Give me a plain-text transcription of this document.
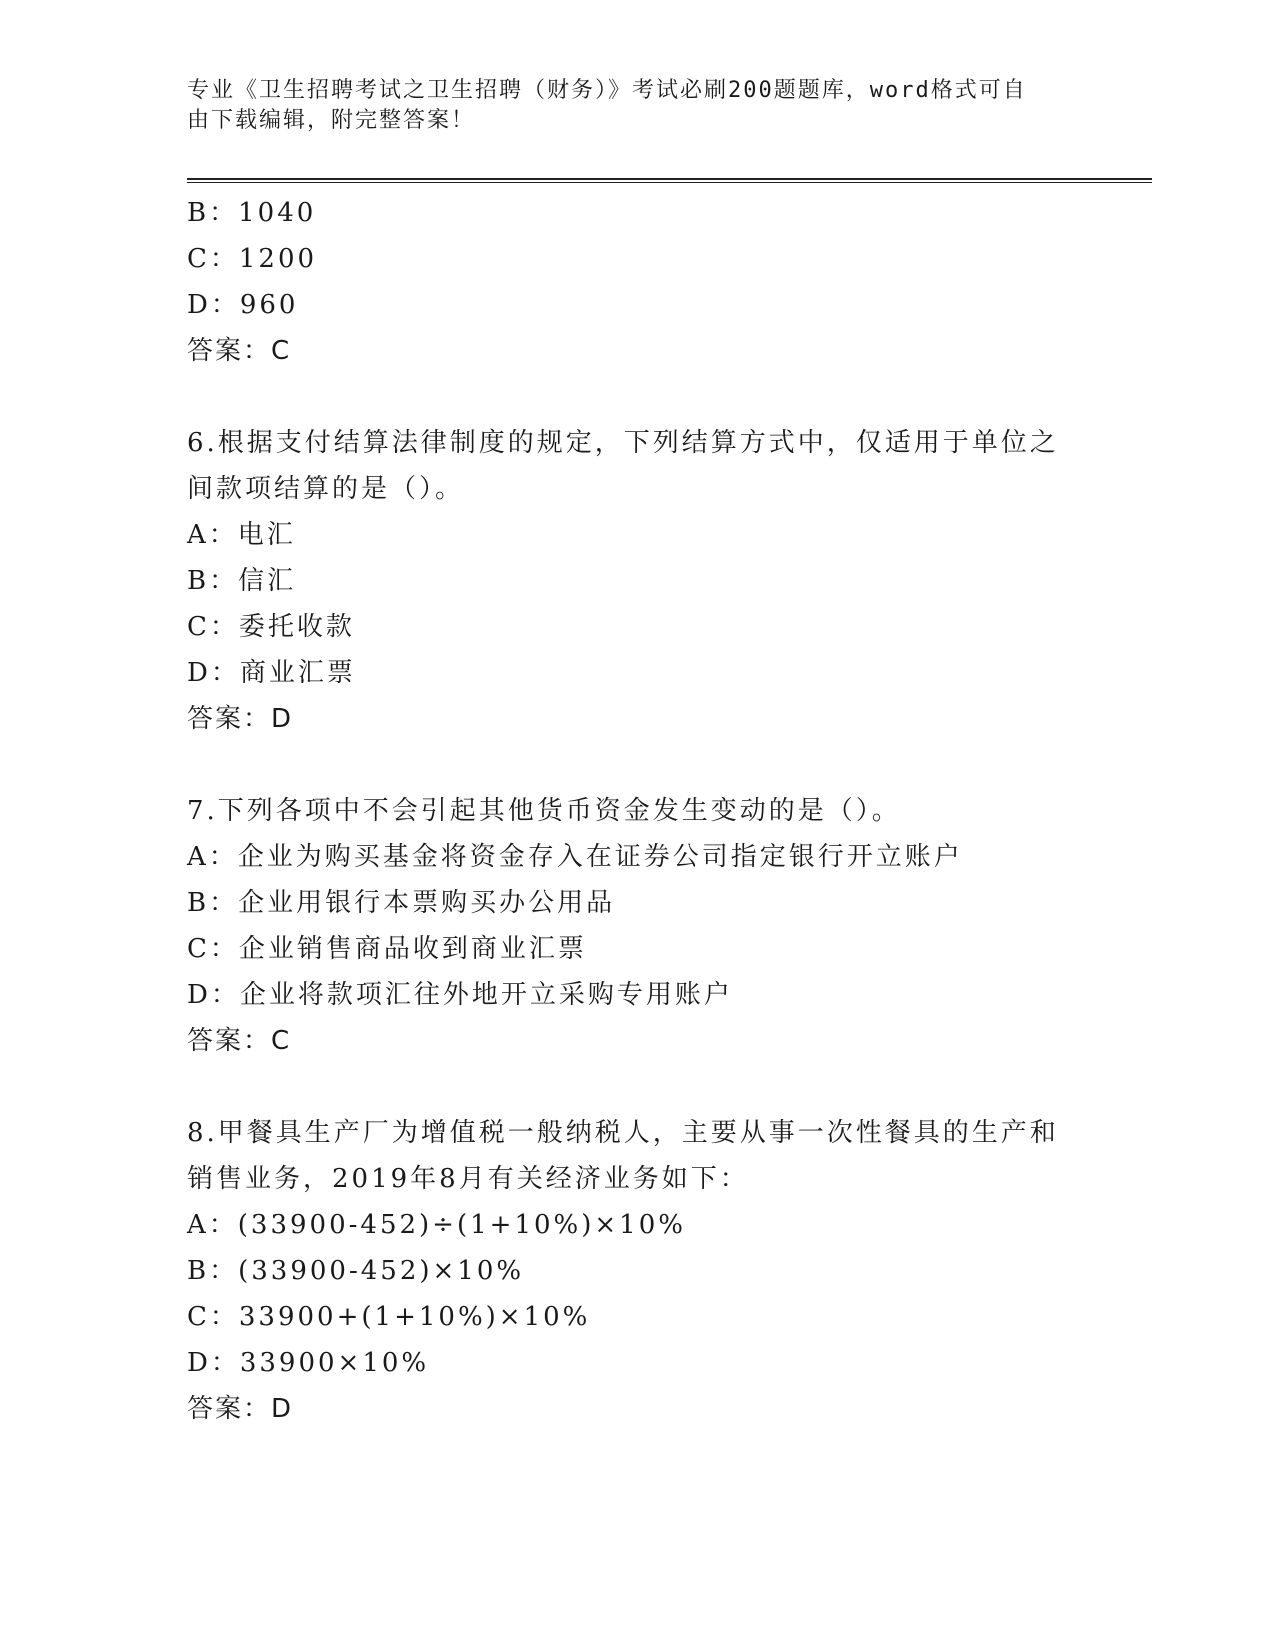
专业《卫生招聘考试之卫生招聘（财务）》考试必刷200题题库，word格式可自
由下载编辑，附完整答案！
B：1040
C：1200
D：960
答案：C
6.根据支付结算法律制度的规定，下列结算方式中，仅适用于单位之
间款项结算的是（）。
A：电汇
B：信汇
C：委托收款
D：商业汇票
答案：D
7.下列各项中不会引起其他货币资金发生变动的是（）。
A：企业为购买基金将资金存入在证券公司指定银行开立账户
B：企业用银行本票购买办公用品
C：企业销售商品收到商业汇票
D：企业将款项汇往外地开立采购专用账户
答案：C
8.甲餐具生产厂为增值税一般纳税人，主要从事一次性餐具的生产和
销售业务，2019年8月有关经济业务如下：
A：(33900-452)÷(1+10%)×10%
B：(33900-452)×10%
C：33900+(1+10%)×10%
D：33900×10%
答案：D
